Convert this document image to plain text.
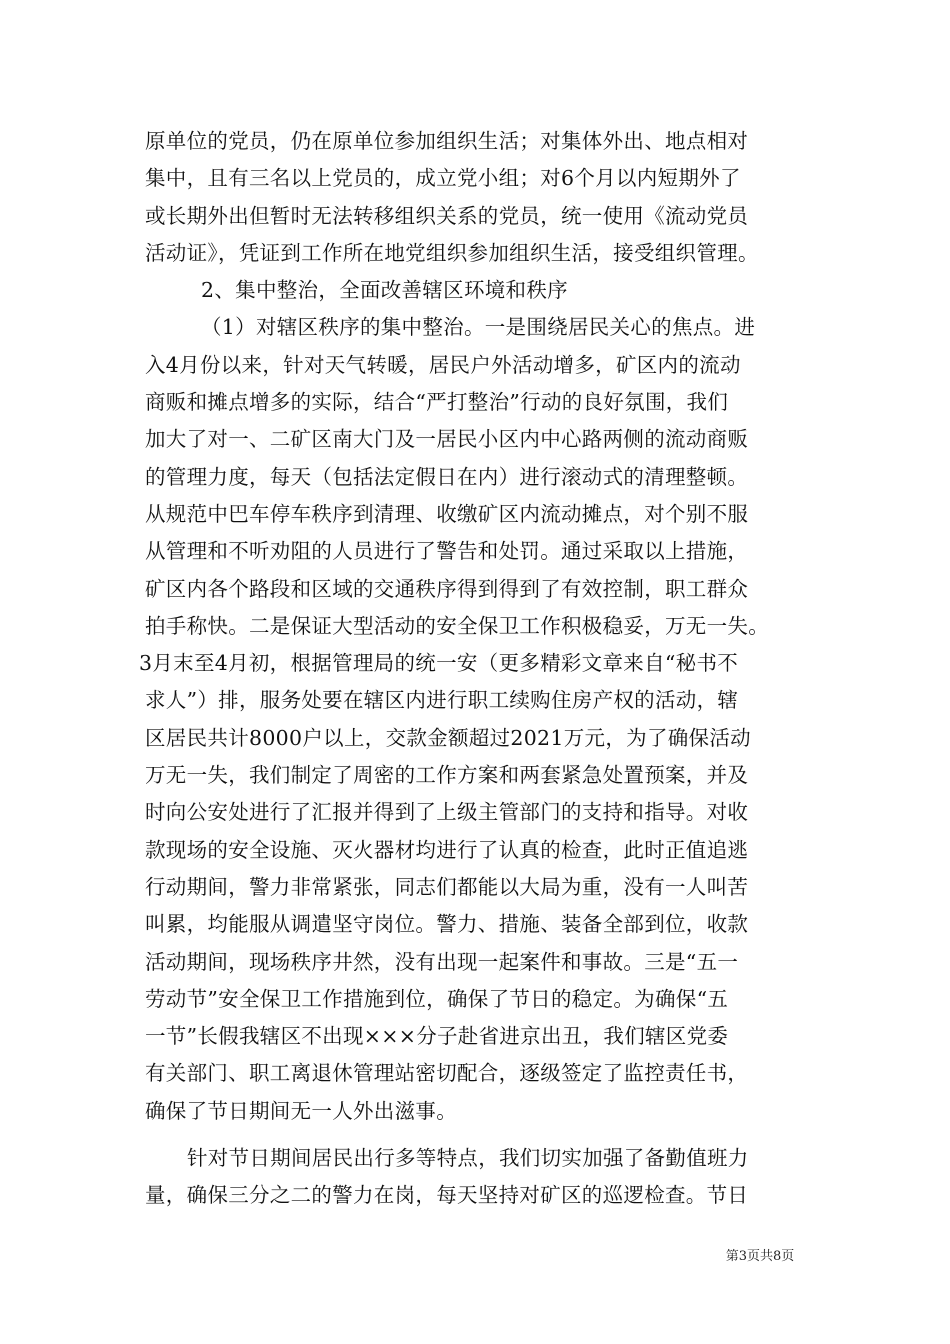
原单位的党员，仍在原单位参加组织生活；对集体外出、地点相对
集中，且有三名以上党员的，成立党小组；对6个月以内短期外了
或长期外出但暂时无法转移组织关系的党员，统一使用《流动党员
活动证》，凭证到工作所在地党组织参加组织生活，接受组织管理。
2、集中整治，全面改善辖区环境和秩序
（1）对辖区秩序的集中整治。一是围绕居民关心的焦点。进
入4月份以来，针对天气转暖，居民户外活动增多，矿区内的流动
商贩和摊点增多的实际，结合“严打整治”行动的良好氛围，我们
加大了对一、二矿区南大门及一居民小区内中心路两侧的流动商贩
的管理力度，每天（包括法定假日在内）进行滚动式的清理整顿。
从规范中巴车停车秩序到清理、收缴矿区内流动摊点，对个别不服
从管理和不听劝阻的人员进行了警告和处罚。通过采取以上措施，
矿区内各个路段和区域的交通秩序得到得到了有效控制，职工群众
拍手称快。二是保证大型活动的安全保卫工作积极稳妥，万无一失。
3月末至4月初，根据管理局的统一安（更多精彩文章来自“秘书不
求人”）排，服务处要在辖区内进行职工续购住房产权的活动，辖
区居民共计8000户以上，交款金额超过2021万元，为了确保活动
万无一失，我们制定了周密的工作方案和两套紧急处置预案，并及
时向公安处进行了汇报并得到了上级主管部门的支持和指导。对收
款现场的安全设施、灭火器材均进行了认真的检查，此时正值追逃
行动期间，警力非常紧张，同志们都能以大局为重，没有一人叫苦
叫累，均能服从调遣坚守岗位。警力、措施、装备全部到位，收款
活动期间，现场秩序井然，没有出现一起案件和事故。三是“五一
劳动节”安全保卫工作措施到位，确保了节日的稳定。为确保“五
一节”长假我辖区不出现×××分子赴省进京出丑，我们辖区党委
有关部门、职工离退休管理站密切配合，逐级签定了监控责任书，
确保了节日期间无一人外出滋事。
针对节日期间居民出行多等特点，我们切实加强了备勤值班力
量，确保三分之二的警力在岗，每天坚持对矿区的巡逻检查。节日
第3页共8页
